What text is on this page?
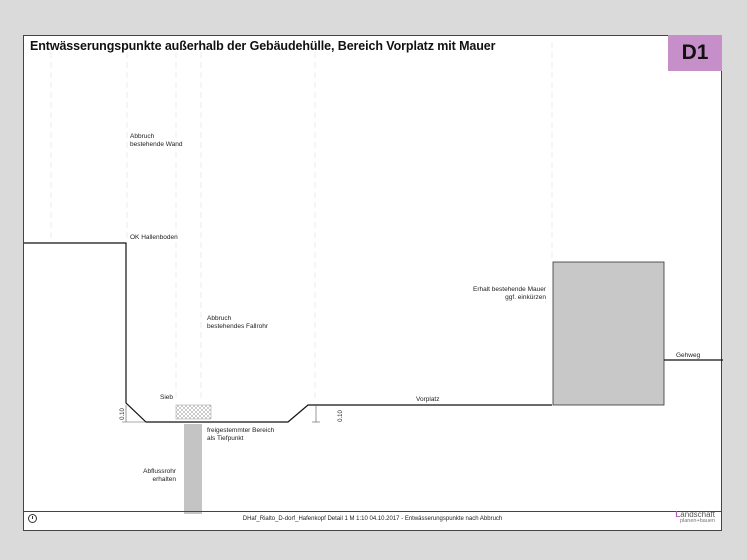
0.10	0.10
Entwässerungspunkte außerhalb der Gebäudehülle, Bereich Vorplatz mit Mauer	D1
Abbruch
bestehende Wand
OK Hallenboden
Abbruch
bestehendes Fallrohr
Erhalt bestehende Mauer
ggf. einkürzen
Gehweg
Sieb	Vorplatz
freigestemmter Bereich
als Tiefpunkt
Abflussrohr
erhalten
DHaf_Rialto_D-dorf_Hafenkopf Detail 1 M 1:10 04.10.2017 - Entwässerungspunkte nach Abbruch	Landschaft
planen+bauen
